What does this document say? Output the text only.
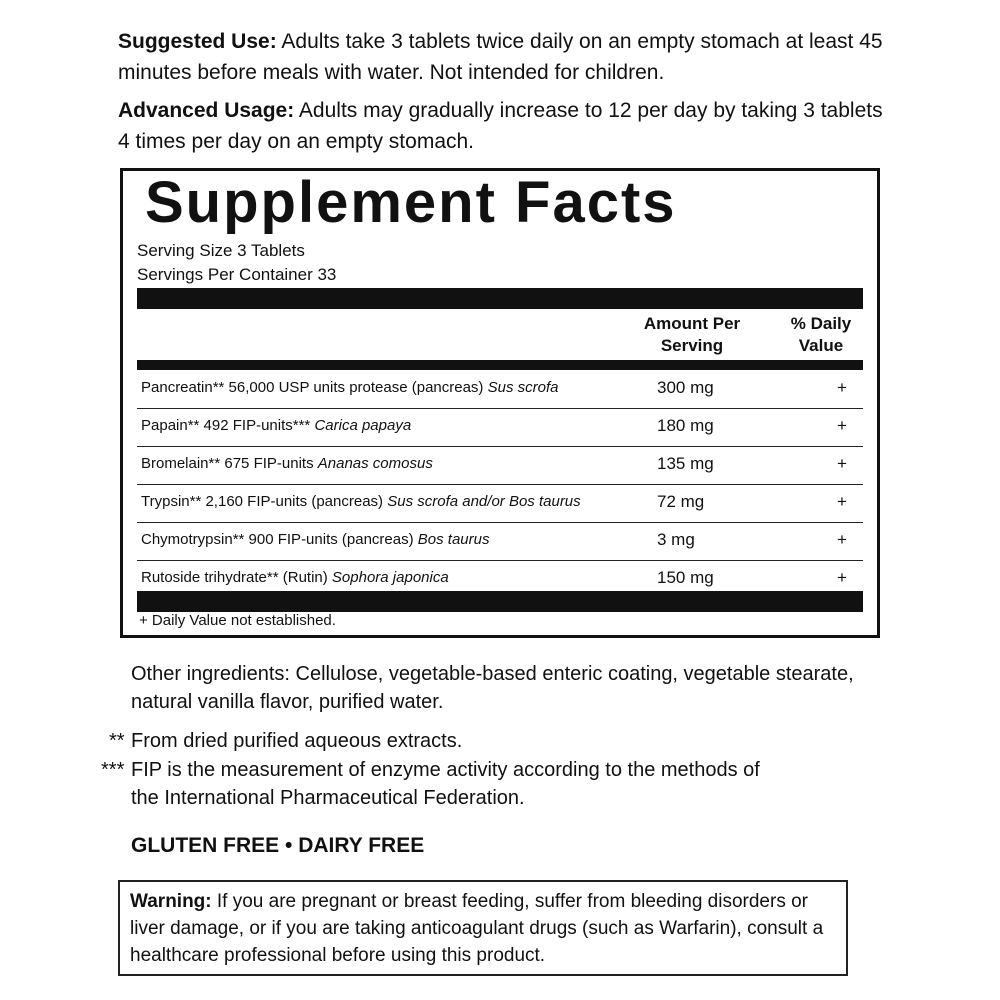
Suggested Use: Adults take 3 tablets twice daily on an empty stomach at least 45 minutes before meals with water. Not intended for children.

Advanced Usage: Adults may gradually increase to 12 per day by taking 3 tablets 4 times per day on an empty stomach.

Supplement Facts
Serving Size 3 Tablets
Servings Per Container 33
Amount Per Serving
% Daily Value
Pancreatin** 56,000 USP units protease (pancreas) Sus scrofa	300 mg	+
Papain** 492 FIP-units*** Carica papaya	180 mg	+
Bromelain** 675 FIP-units Ananas comosus	135 mg	+
Trypsin** 2,160 FIP-units (pancreas) Sus scrofa and/or Bos taurus	72 mg	+
Chymotrypsin** 900 FIP-units (pancreas) Bos taurus	3 mg	+
Rutoside trihydrate** (Rutin) Sophora japonica	150 mg	+
+ Daily Value not established.
Other ingredients: Cellulose, vegetable-based enteric coating, vegetable stearate, natural vanilla flavor, purified water.
** From dried purified aqueous extracts.
*** FIP is the measurement of enzyme activity according to the methods of the International Pharmaceutical Federation.
GLUTEN FREE • DAIRY FREE
Warning: If you are pregnant or breast feeding, suffer from bleeding disorders or liver damage, or if you are taking anticoagulant drugs (such as Warfarin), consult a healthcare professional before using this product.
